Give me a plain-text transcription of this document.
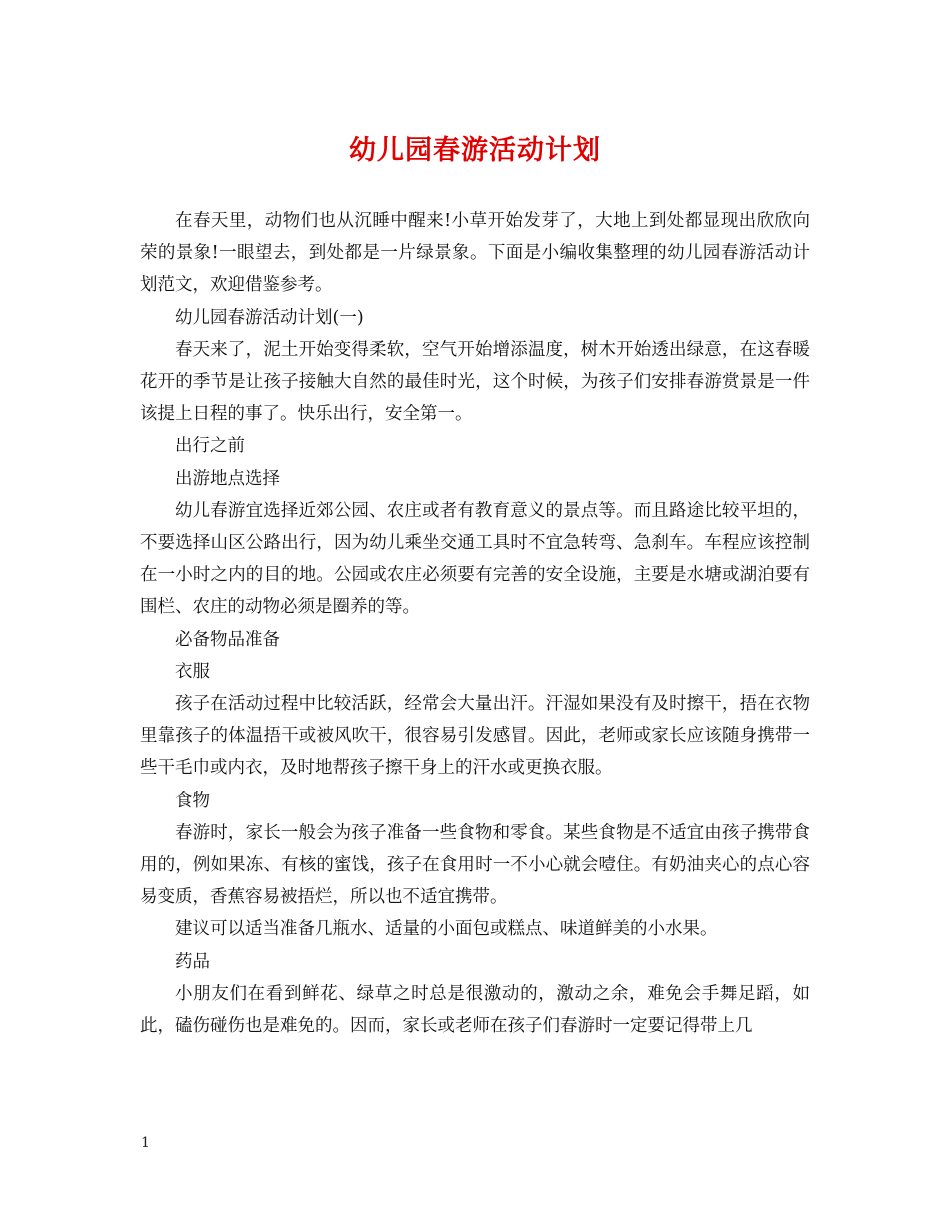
幼儿园春游活动计划

在春天里，动物们也从沉睡中醒来!小草开始发芽了，大地上到处都显现出欣欣向荣的景象!一眼望去，到处都是一片绿景象。下面是小编收集整理的幼儿园春游活动计划范文，欢迎借鉴参考。

幼儿园春游活动计划(一)

春天来了，泥土开始变得柔软，空气开始增添温度，树木开始透出绿意，在这春暖花开的季节是让孩子接触大自然的最佳时光，这个时候，为孩子们安排春游赏景是一件该提上日程的事了。快乐出行，安全第一。

出行之前

出游地点选择

幼儿春游宜选择近郊公园、农庄或者有教育意义的景点等。而且路途比较平坦的，不要选择山区公路出行，因为幼儿乘坐交通工具时不宜急转弯、急刹车。车程应该控制在一小时之内的目的地。公园或农庄必须要有完善的安全设施，主要是水塘或湖泊要有围栏、农庄的动物必须是圈养的等。

必备物品准备

衣服

孩子在活动过程中比较活跃，经常会大量出汗。汗湿如果没有及时擦干，捂在衣物里靠孩子的体温捂干或被风吹干，很容易引发感冒。因此，老师或家长应该随身携带一些干毛巾或内衣，及时地帮孩子擦干身上的汗水或更换衣服。

食物

春游时，家长一般会为孩子准备一些食物和零食。某些食物是不适宜由孩子携带食用的，例如果冻、有核的蜜饯，孩子在食用时一不小心就会噎住。有奶油夹心的点心容易变质，香蕉容易被捂烂，所以也不适宜携带。

建议可以适当准备几瓶水、适量的小面包或糕点、味道鲜美的小水果。

药品

小朋友们在看到鲜花、绿草之时总是很激动的，激动之余，难免会手舞足蹈，如此，磕伤碰伤也是难免的。因而，家长或老师在孩子们春游时一定要记得带上几

1
